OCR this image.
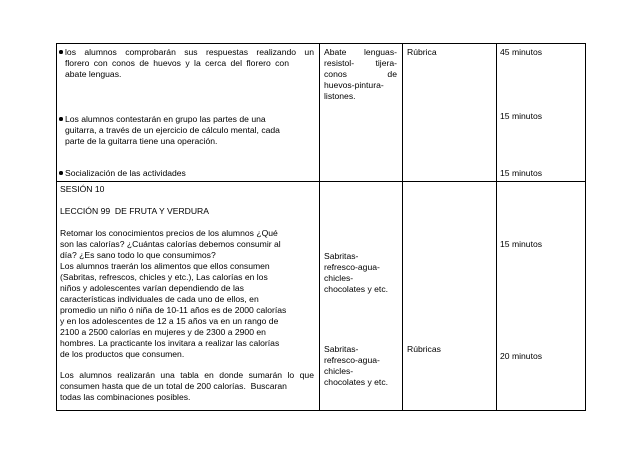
los alumnos comprobarán sus respuestas realizando un
florero con conos de huevos y la cerca del florero con
abate lenguas.
Los alumnos contestarán en grupo las partes de una
guitarra, a través de un ejercicio de cálculo mental, cada
parte de la guitarra tiene una operación.
Socialización de las actividades
Abate    lenguas-
resistol-       tijera-
conos               de
huevos-pintura-
listones.
Rúbrica	45 minutos
15 minutos
15 minutos
SESIÓN 10
LECCIÓN 99  DE FRUTA Y VERDURA
Retomar los conocimientos precios de los alumnos ¿Qué
son las calorías? ¿Cuántas calorías debemos consumir al
día? ¿Es sano todo lo que consumimos?
Los alumnos traerán los alimentos que ellos consumen
(Sabritas, refrescos, chicles y etc.), Las calorías en los
niños y adolescentes varían dependiendo de las
características individuales de cada uno de ellos, en
promedio un niño ó niña de 10-11 años es de 2000 calorías
y en los adolescentes de 12 a 15 años va en un rango de
2100 a 2500 calorías en mujeres y de 2300 a 2900 en
hombres. La practicante los invitara a realizar las calorías
de los productos que consumen.
Los alumnos realizarán una tabla en donde sumarán lo que
consumen hasta que de un total de 200 calorías.  Buscaran
todas las combinaciones posibles.
Sabritas-
refresco-agua-
chicles-
chocolates y etc.
Sabritas-
refresco-agua-
chicles-
chocolates y etc.
Rúbricas
15 minutos
20 minutos
